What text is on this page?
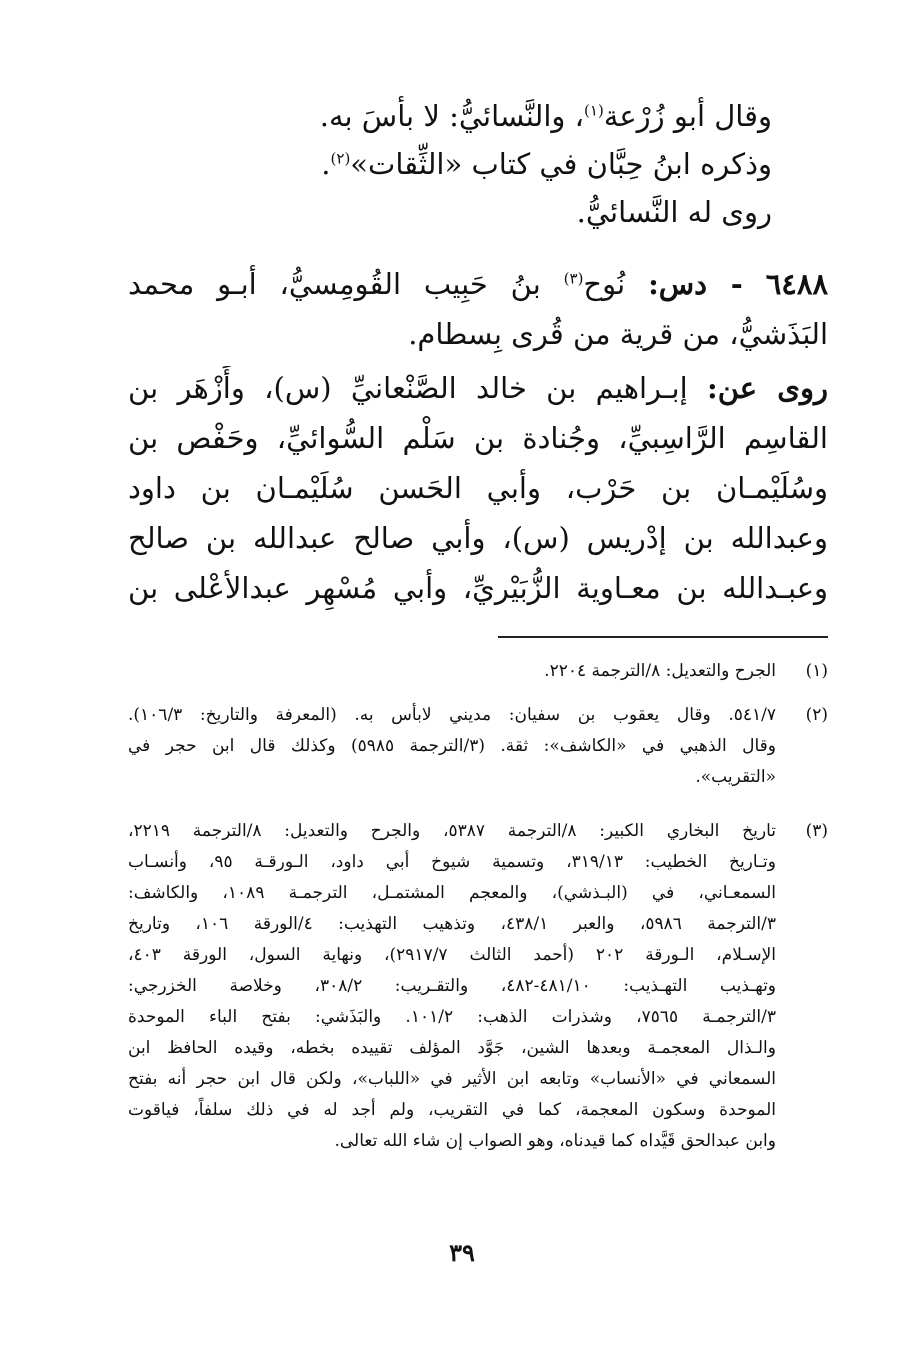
وقال أبو زُرْعة$^{(١)}$، والنَّسائيُّ: لا بأسَ به.
وذكره ابنُ حِبَّان في كتاب «الثِّقات»$^{(٢)}$.
روى له النَّسائيُّ.
٦٤٨٨ - دس: نُوح$^{(٣)}$ بنُ حَبِيب القُومِسيُّ، أبـو محمد
البَذَشيُّ، من قرية من قُرى بِسطام.
روى عن: إبـراهيم بن خالد الصَّنْعانيِّ (س)، وأَزْهَر بن
القاسِم الرَّاسِبيِّ، وجُنادة بن سَلْم السُّوائيِّ، وحَفْص بن
وسُلَيْمـان بن حَرْب، وأبي الحَسن سُلَيْمـان بن داود
وعبدالله بن إدْريس (س)، وأبي صالح عبدالله بن صالح
وعبـدالله بن معـاوية الزُّبَيْريِّ، وأبي مُسْهِر عبدالأعْلى بن
(١)
الجرح والتعديل: ٨/الترجمة ٢٢٠٤.
(٢)
٥٤١/٧. وقال يعقوب بن سفيان: مديني لابأس به. (المعرفة والتاريخ: ١٠٦/٣).
وقال الذهبي في «الكاشف»: ثقة. (٣/الترجمة ٥٩٨٥) وكذلك قال ابن حجر في
«التقريب».
(٣)
تاريخ البخاري الكبير: ٨/الترجمة ٥٣٨٧، والجرح والتعديل: ٨/الترجمة ٢٢١٩،
وتـاريخ الخطيب: ٣١٩/١٣، وتسمية شيوخ أبي داود، الـورقـة ٩٥، وأنسـاب
السمعـاني، في (البـذشي)، والمعجم المشتمـل، الترجمـة ١٠٨٩، والكاشف:
٣/الترجمة ٥٩٨٦، والعبر ٤٣٨/١، وتذهيب التهذيب: ٤/الورقة ١٠٦، وتاريخ
الإسـلام، الـورقة ٢٠٢ (أحمد الثالث ٢٩١٧/٧)، ونهاية السول، الورقة ٤٠٣،
وتهـذيب التهـذيب: ٤٨١/١٠-٤٨٢، والتقـريب: ٣٠٨/٢، وخلاصة الخزرجي:
٣/الترجمـة ٧٥٦٥، وشذرات الذهب: ١٠١/٢. والبَذَشي: بفتح الباء الموحدة
والـذال المعجمـة وبعدها الشين، جَوَّد المؤلف تقييده بخطه، وقيده الحافظ ابن
السمعاني في «الأنساب» وتابعه ابن الأثير في «اللباب»، ولكن قال ابن حجر أنه بفتح
الموحدة وسكون المعجمة، كما في التقريب، ولم أجد له في ذلك سلفاً، فياقوت
وابن عبدالحق قَيَّداه كما قيدناه، وهو الصواب إن شاء الله تعالى.
٣٩
